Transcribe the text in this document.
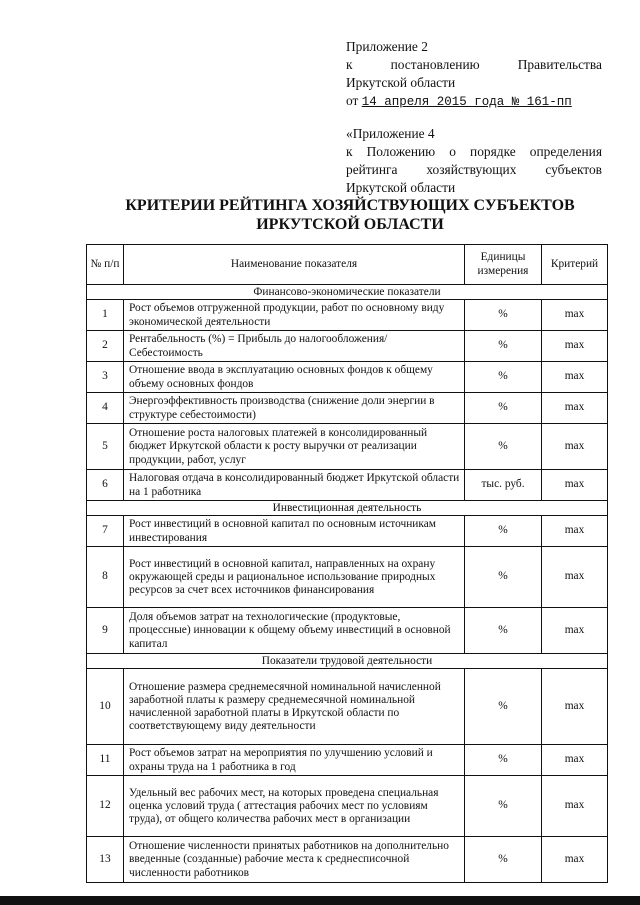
Приложение 2
к постановлению Правительства
Иркутской области
от 14 апреля 2015 года № 161-пп
«Приложение 4
к Положению о порядке определения
рейтинга хозяйствующих субъектов
Иркутской области
КРИТЕРИИ РЕЙТИНГА ХОЗЯЙСТВУЮЩИХ СУБЪЕКТОВ
ИРКУТСКОЙ ОБЛАСТИ
№ п/п	Наименование показателя	Единицы измерения	Критерий
Финансово-экономические показатели			
1	Рост объемов отгруженной продукции, работ по основному виду экономической деятельности	%	max
2	Рентабельность (%) = Прибыль до налогообложения/Себестоимость	%	max
3	Отношение ввода в эксплуатацию основных фондов к общему объему основных фондов	%	max
4	Энергоэффективность производства (снижение доли энергии в структуре себестоимости)	%	max
5	Отношение роста налоговых платежей в консолидированный бюджет Иркутской области к росту выручки от реализации продукции, работ, услуг	%	max
6	Налоговая отдача в консолидированный бюджет Иркутской области на 1 работника	тыс. руб.	max
Инвестиционная деятельность			
7	Рост инвестиций в основной капитал по основным источникам инвестирования	%	max
8	Рост инвестиций в основной капитал, направленных на охрану окружающей среды и рациональное использование природных ресурсов за счет всех источников финансирования	%	max
9	Доля объемов затрат на технологические (продуктовые, процессные) инновации к общему объему инвестиций в основной капитал	%	max
Показатели трудовой деятельности			
10	Отношение размера среднемесячной номинальной начисленной заработной платы к размеру среднемесячной номинальной начисленной заработной платы в Иркутской области по соответствующему виду деятельности	%	max
11	Рост объемов затрат на мероприятия по улучшению условий и охраны труда на 1 работника в год	%	max
12	Удельный вес рабочих мест, на которых проведена специальная оценка условий труда ( аттестация рабочих мест по условиям труда), от общего количества рабочих мест в организации	%	max
13	Отношение численности принятых работников на дополнительно введенные (созданные) рабочие места к среднесписочной численности работников	%	max
